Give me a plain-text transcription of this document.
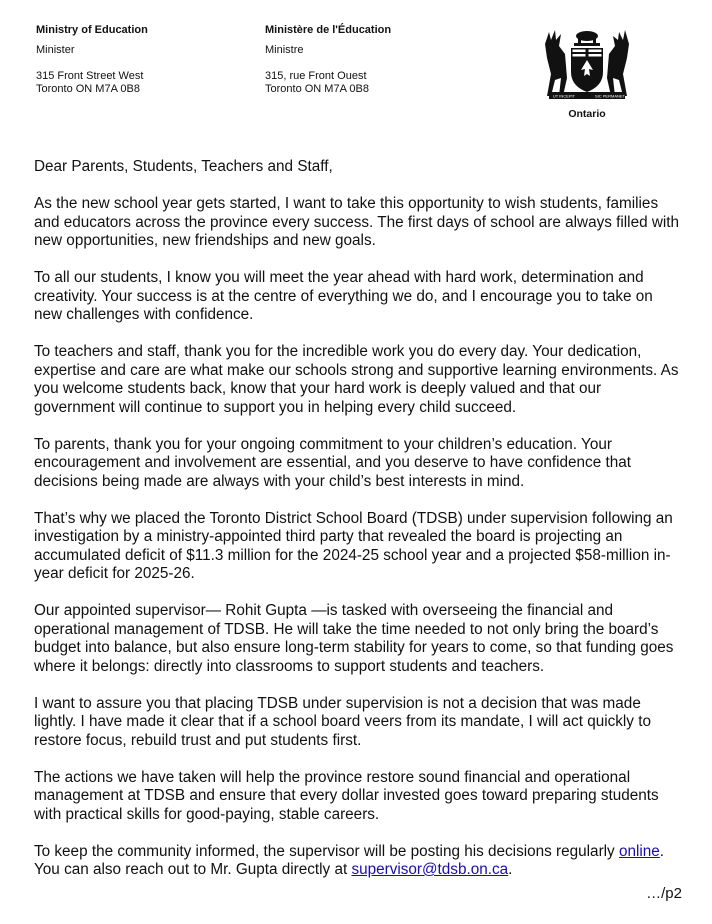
Ministry of Education
Minister
315 Front Street West
Toronto ON M7A 0B8
Ministère de l'Éducation
Ministre
315, rue Front Ouest
Toronto ON M7A 0B8
UT INCEPIT	SIC PERMANET
Ontario

Dear Parents, Students, Teachers and Staff,

As the new school year gets started, I want to take this opportunity to wish students, families and educators across the province every success. The first days of school are always filled with new opportunities, new friendships and new goals.

To all our students, I know you will meet the year ahead with hard work, determination and creativity. Your success is at the centre of everything we do, and I encourage you to take on new challenges with confidence.

To teachers and staff, thank you for the incredible work you do every day. Your dedication, expertise and care are what make our schools strong and supportive learning environments. As you welcome students back, know that your hard work is deeply valued and that our government will continue to support you in helping every child succeed.

To parents, thank you for your ongoing commitment to your children’s education. Your encouragement and involvement are essential, and you deserve to have confidence that decisions being made are always with your child’s best interests in mind.

That’s why we placed the Toronto District School Board (TDSB) under supervision following an investigation by a ministry-appointed third party that revealed the board is projecting an accumulated deficit of $11.3 million for the 2024-25 school year and a projected $58-million in-year deficit for 2025-26.

Our appointed supervisor— Rohit Gupta —is tasked with overseeing the financial and operational management of TDSB. He will take the time needed to not only bring the board’s budget into balance, but also ensure long-term stability for years to come, so that funding goes where it belongs: directly into classrooms to support students and teachers.

I want to assure you that placing TDSB under supervision is not a decision that was made lightly. I have made it clear that if a school board veers from its mandate, I will act quickly to restore focus, rebuild trust and put students first.

The actions we have taken will help the province restore sound financial and operational management at TDSB and ensure that every dollar invested goes toward preparing students with practical skills for good-paying, stable careers.

To keep the community informed, the supervisor will be posting his decisions regularly online. You can also reach out to Mr. Gupta directly at supervisor@tdsb.on.ca.

…/p2
